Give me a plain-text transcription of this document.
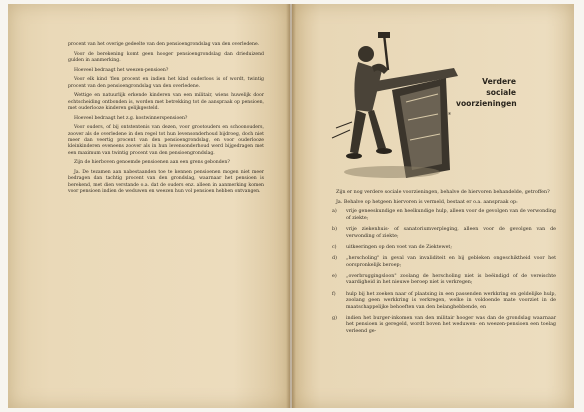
procent van het overige gedeelte van den pensioengrondslag van den overledene.

Voor de berekening komt geen hooger pensioengrondslag dan drieduizend gulden in aanmerking.

Hoeveel bedraagt het weezen-pensioen?

Voor elk kind 'flen procent en indien het kind ouderloos is of wordt, twintig procent van den pensioengrondslag van den overledene.

Wettige en natuurlijk erkende kinderen van een militair, wiens huwelijk door echtscheiding ontbonden is, worden met betrekking tot de aanspraak op pensioen, met ouderlooze kinderen gelijkgesteld.

Hoeveel bedraagt het z.g. kostwinnerspensioen?

Voor ouders, of bij ontstentenis van dezen, voor grootouders en schoonouders, zoover als de overledene in den regel tot hun levensonderhoud bijdroeg, doch niet meer dan veertig procent van den pensioengrondslag, en voor ouderlooze kleinkinderen eveneens zoover als in hun levensonderhoud werd bijgedragen met een maximum van twintig procent van den pensioengrondslag.

Zijn de hierboven genoemde pensioenen aan een grens gebonden?

Ja. De tezamen aan nabestaanden toe te kennen pensioenen mogen niet meer bedragen dan tachtig procent van den grondslag, waarnaar het pensioen is berekend, met dien verstande o.a. dat de ouders enz. alleen in aanmerking komen voor pensioen indien de weduwen en weezen hun vol pensioen hebben ontvangen.

Verdere
sociale
voorzieningen
*

Zijn er nog verdere sociale voorzieningen, behalve de hiervoren behandelde, getroffen?

Ja. Behalve op hetgeen hiervoren is vermeld, bestaat er o.a. aanspraak op:

a) vrije geneeskundige en heelkundige hulp, alleen voor de gevolgen van de verwonding of ziekte;
b) vrije ziekenhuis- of sanatoriumverpleging, alleen voor de gevolgen van de verwonding of ziekte;
c) uitkeeringen op den voet van de Ziektewet;
d) „herscholing" in geval van invaliditeit en bij gebleken ongeschiktheid voor het oorspronkelijk beroep;
e) „overbruggingsloon" zoolang de herscholing niet is beëindigd of de vereischte vaardigheid in het nieuwe beroep niet is verkregen;
f) hulp bij het zoeken naar of plaatsing in een passenden werkkring en geldelijke hulp, zoolang geen werkkring is verkregen, welke in voldoende mate voorziet in de maatschappelijke behoeften van den belanghebbende, en
g) indien het burger-inkomen van den militair hooger was dan de grondslag waarnaar het pensioen is geregeld, wordt boven het weduwen- en weezen-pensioen een toelag verleend ge-
